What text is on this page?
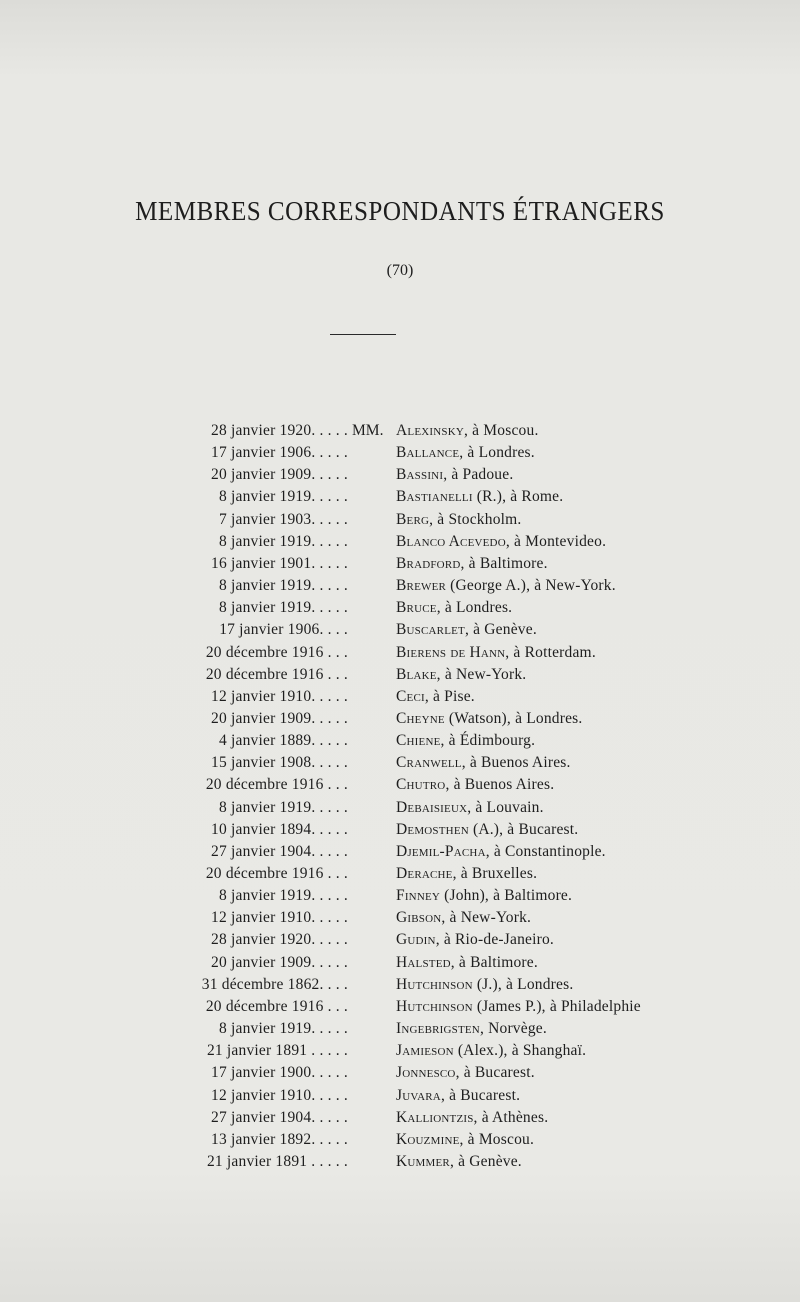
MEMBRES CORRESPONDANTS ÉTRANGERS
(70)
28 janvier 1920. . . . . MM. Alexinsky, à Moscou.
17 janvier 1906. . . . .	Ballance, à Londres.
20 janvier 1909. . . . .	Bassini, à Padoue.
8 janvier 1919. . . . .	Bastianelli (R.), à Rome.
7 janvier 1903. . . . .	Berg, à Stockholm.
8 janvier 1919. . . . .	Blanco Acevedo, à Montevideo.
16 janvier 1901. . . . .	Bradford, à Baltimore.
8 janvier 1919. . . . .	Brewer (George A.), à New-York.
8 janvier 1919. . . . .	Bruce, à Londres.
17 janvier 1906. . . .	Buscarlet, à Genève.
20 décembre 1916 . . .	Bierens de Hann, à Rotterdam.
20 décembre 1916 . . .	Blake, à New-York.
12 janvier 1910. . . . .	Ceci, à Pise.
20 janvier 1909. . . . .	Cheyne (Watson), à Londres.
4 janvier 1889. . . . .	Chiene, à Édimbourg.
15 janvier 1908. . . . .	Cranwell, à Buenos Aires.
20 décembre 1916 . . .	Chutro, à Buenos Aires.
8 janvier 1919. . . . .	Debaisieux, à Louvain.
10 janvier 1894. . . . .	Demosthen (A.), à Bucarest.
27 janvier 1904. . . . .	Djemil-Pacha, à Constantinople.
20 décembre 1916 . . .	Derache, à Bruxelles.
8 janvier 1919. . . . .	Finney (John), à Baltimore.
12 janvier 1910. . . . .	Gibson, à New-York.
28 janvier 1920. . . . .	Gudin, à Rio-de-Janeiro.
20 janvier 1909. . . . .	Halsted, à Baltimore.
31 décembre 1862. . . .	Hutchinson (J.), à Londres.
20 décembre 1916 . . .	Hutchinson (James P.), à Philadelphie
8 janvier 1919. . . . .	Ingebrigsten, Norvège.
21 janvier 1891 . . . . .	Jamieson (Alex.), à Shanghaï.
17 janvier 1900. . . . .	Jonnesco, à Bucarest.
12 janvier 1910. . . . .	Juvara, à Bucarest.
27 janvier 1904. . . . .	Kalliontzis, à Athènes.
13 janvier 1892. . . . .	Kouzmine, à Moscou.
21 janvier 1891 . . . . .	Kummer, à Genève.
